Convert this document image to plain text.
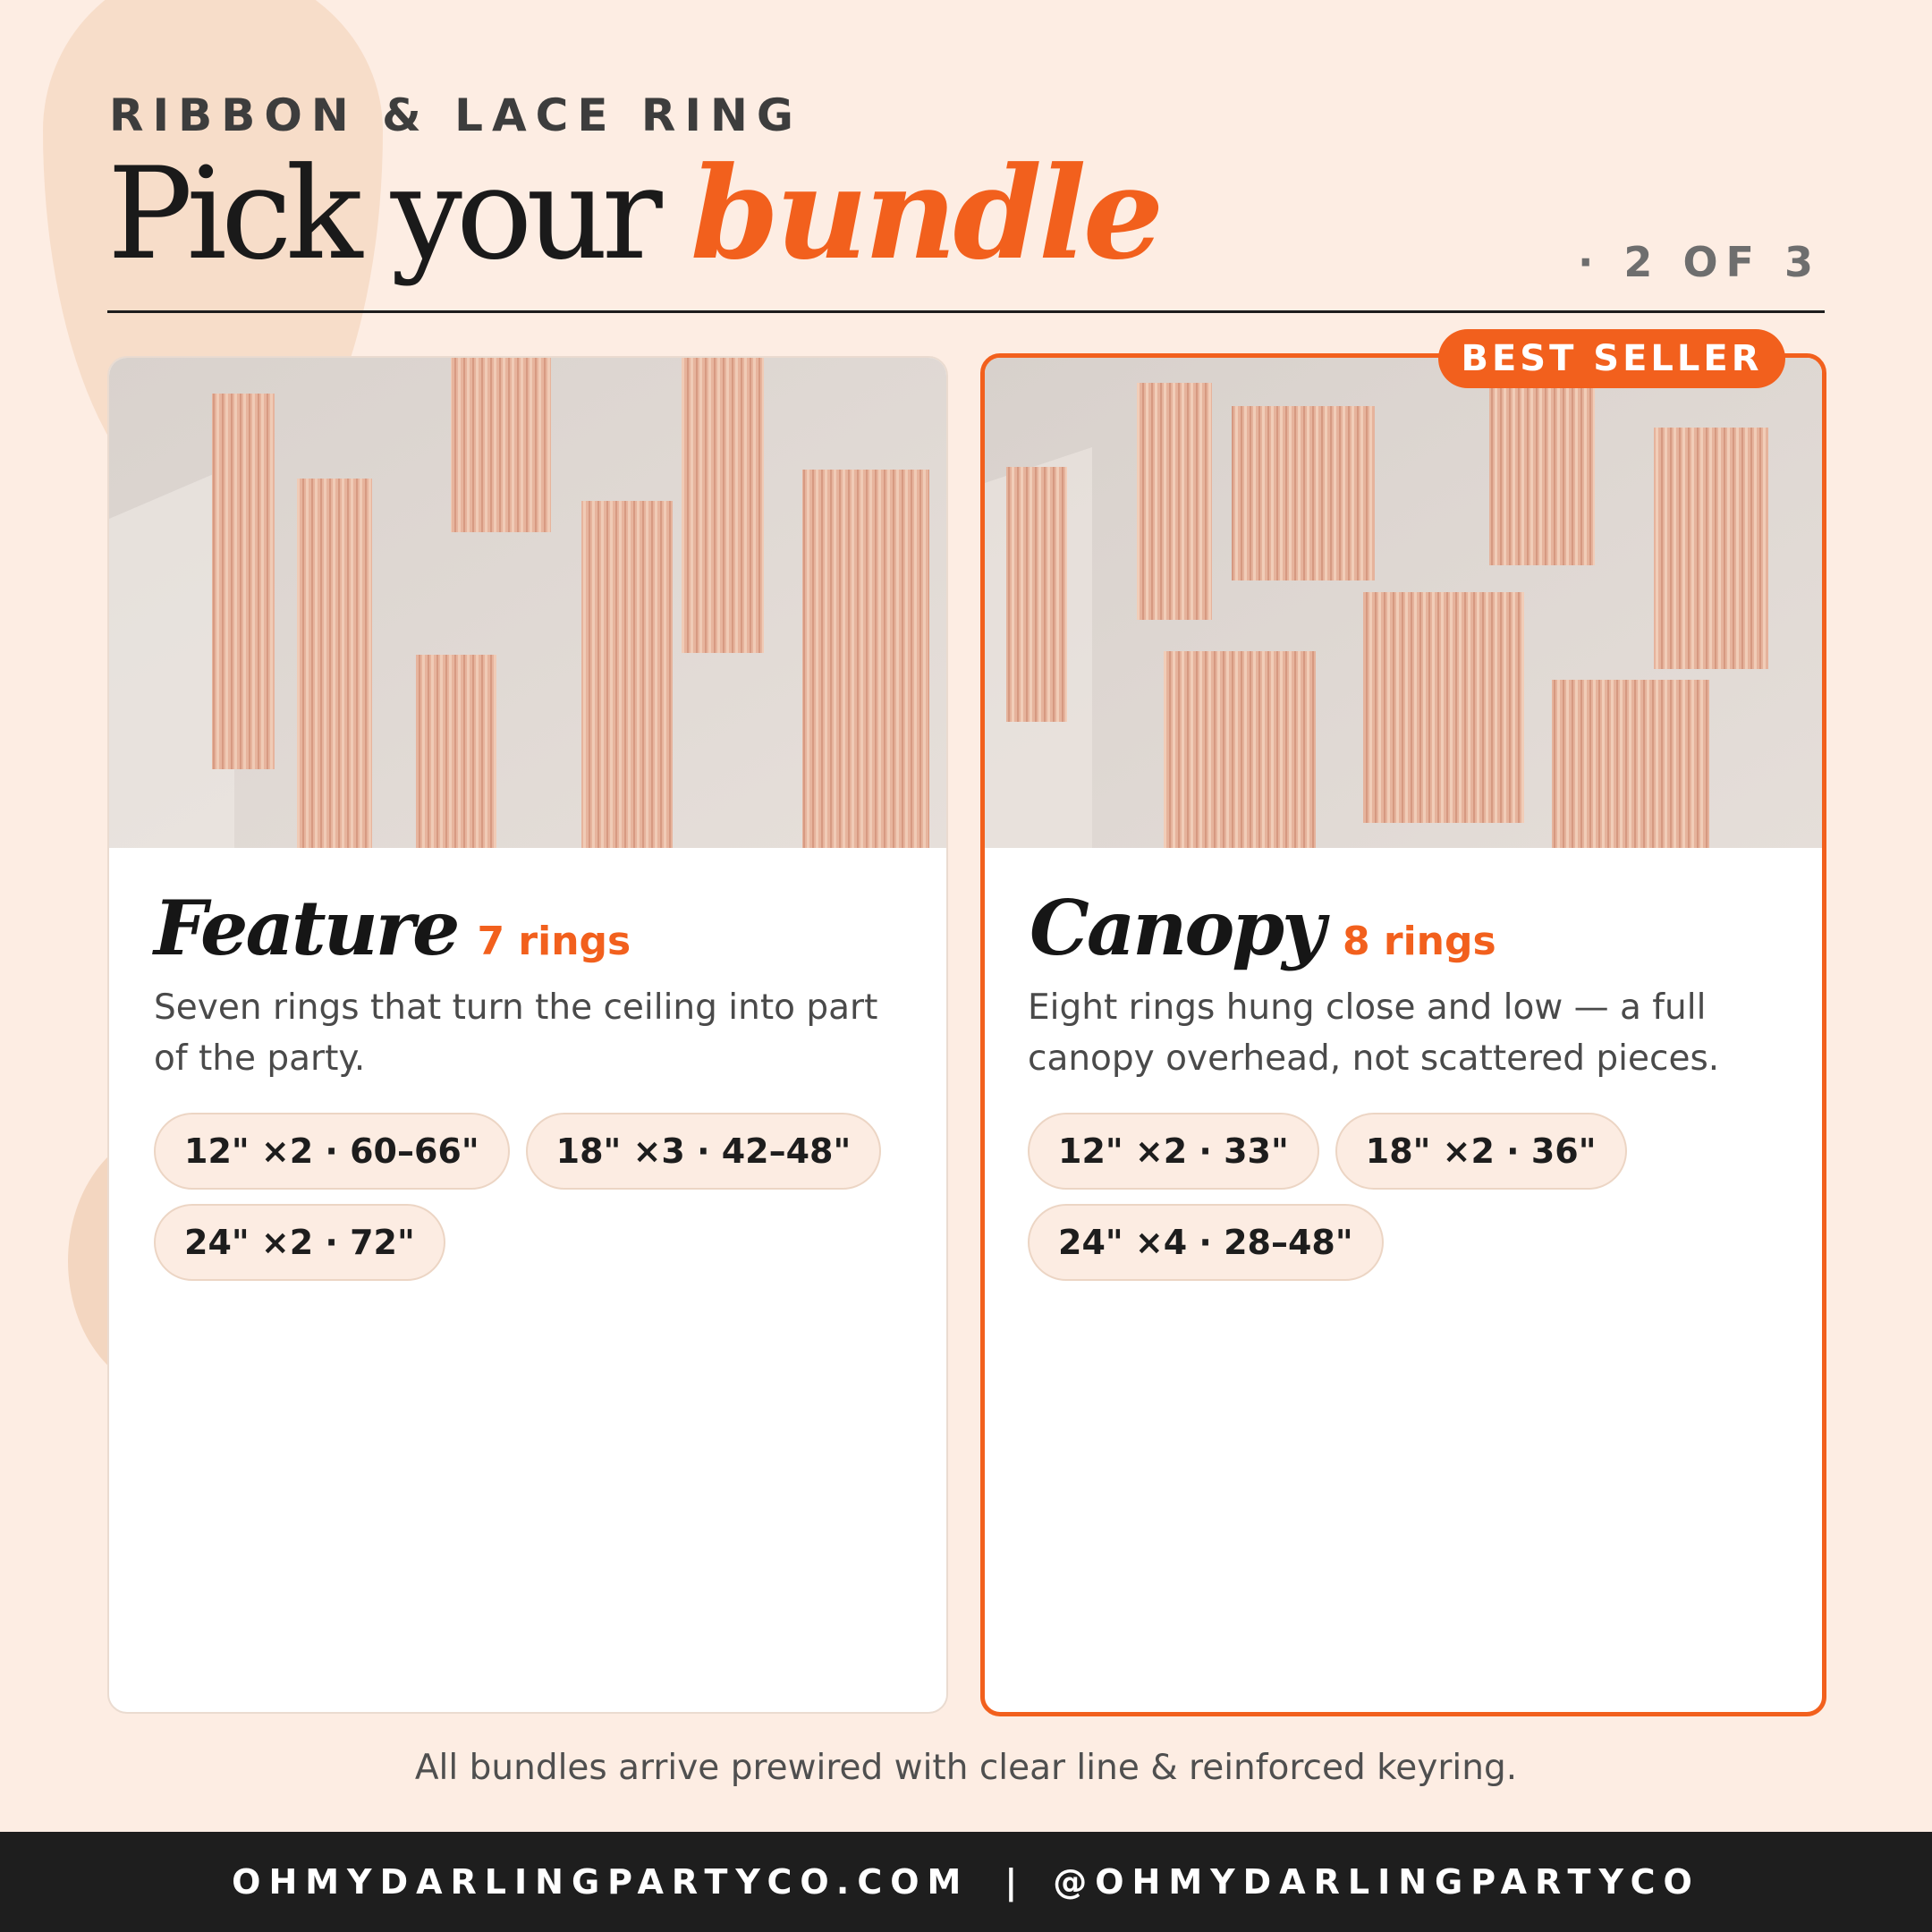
RIBBON & LACE RING
Pick your bundle	· 2 OF 3
Feature 7 rings
Seven rings that turn the ceiling into part of the party.
12" ×2 · 60–66"	18" ×3 · 42–48"
24" ×2 · 72"
Canopy 8 rings
Eight rings hung close and low — a full canopy overhead, not scattered pieces.
12" ×2 · 33"	18" ×2 · 36"
24" ×4 · 28–48"
BEST SELLER
All bundles arrive prewired with clear line & reinforced keyring.
OHMYDARLINGPARTYCO.COM | @OHMYDARLINGPARTYCO
